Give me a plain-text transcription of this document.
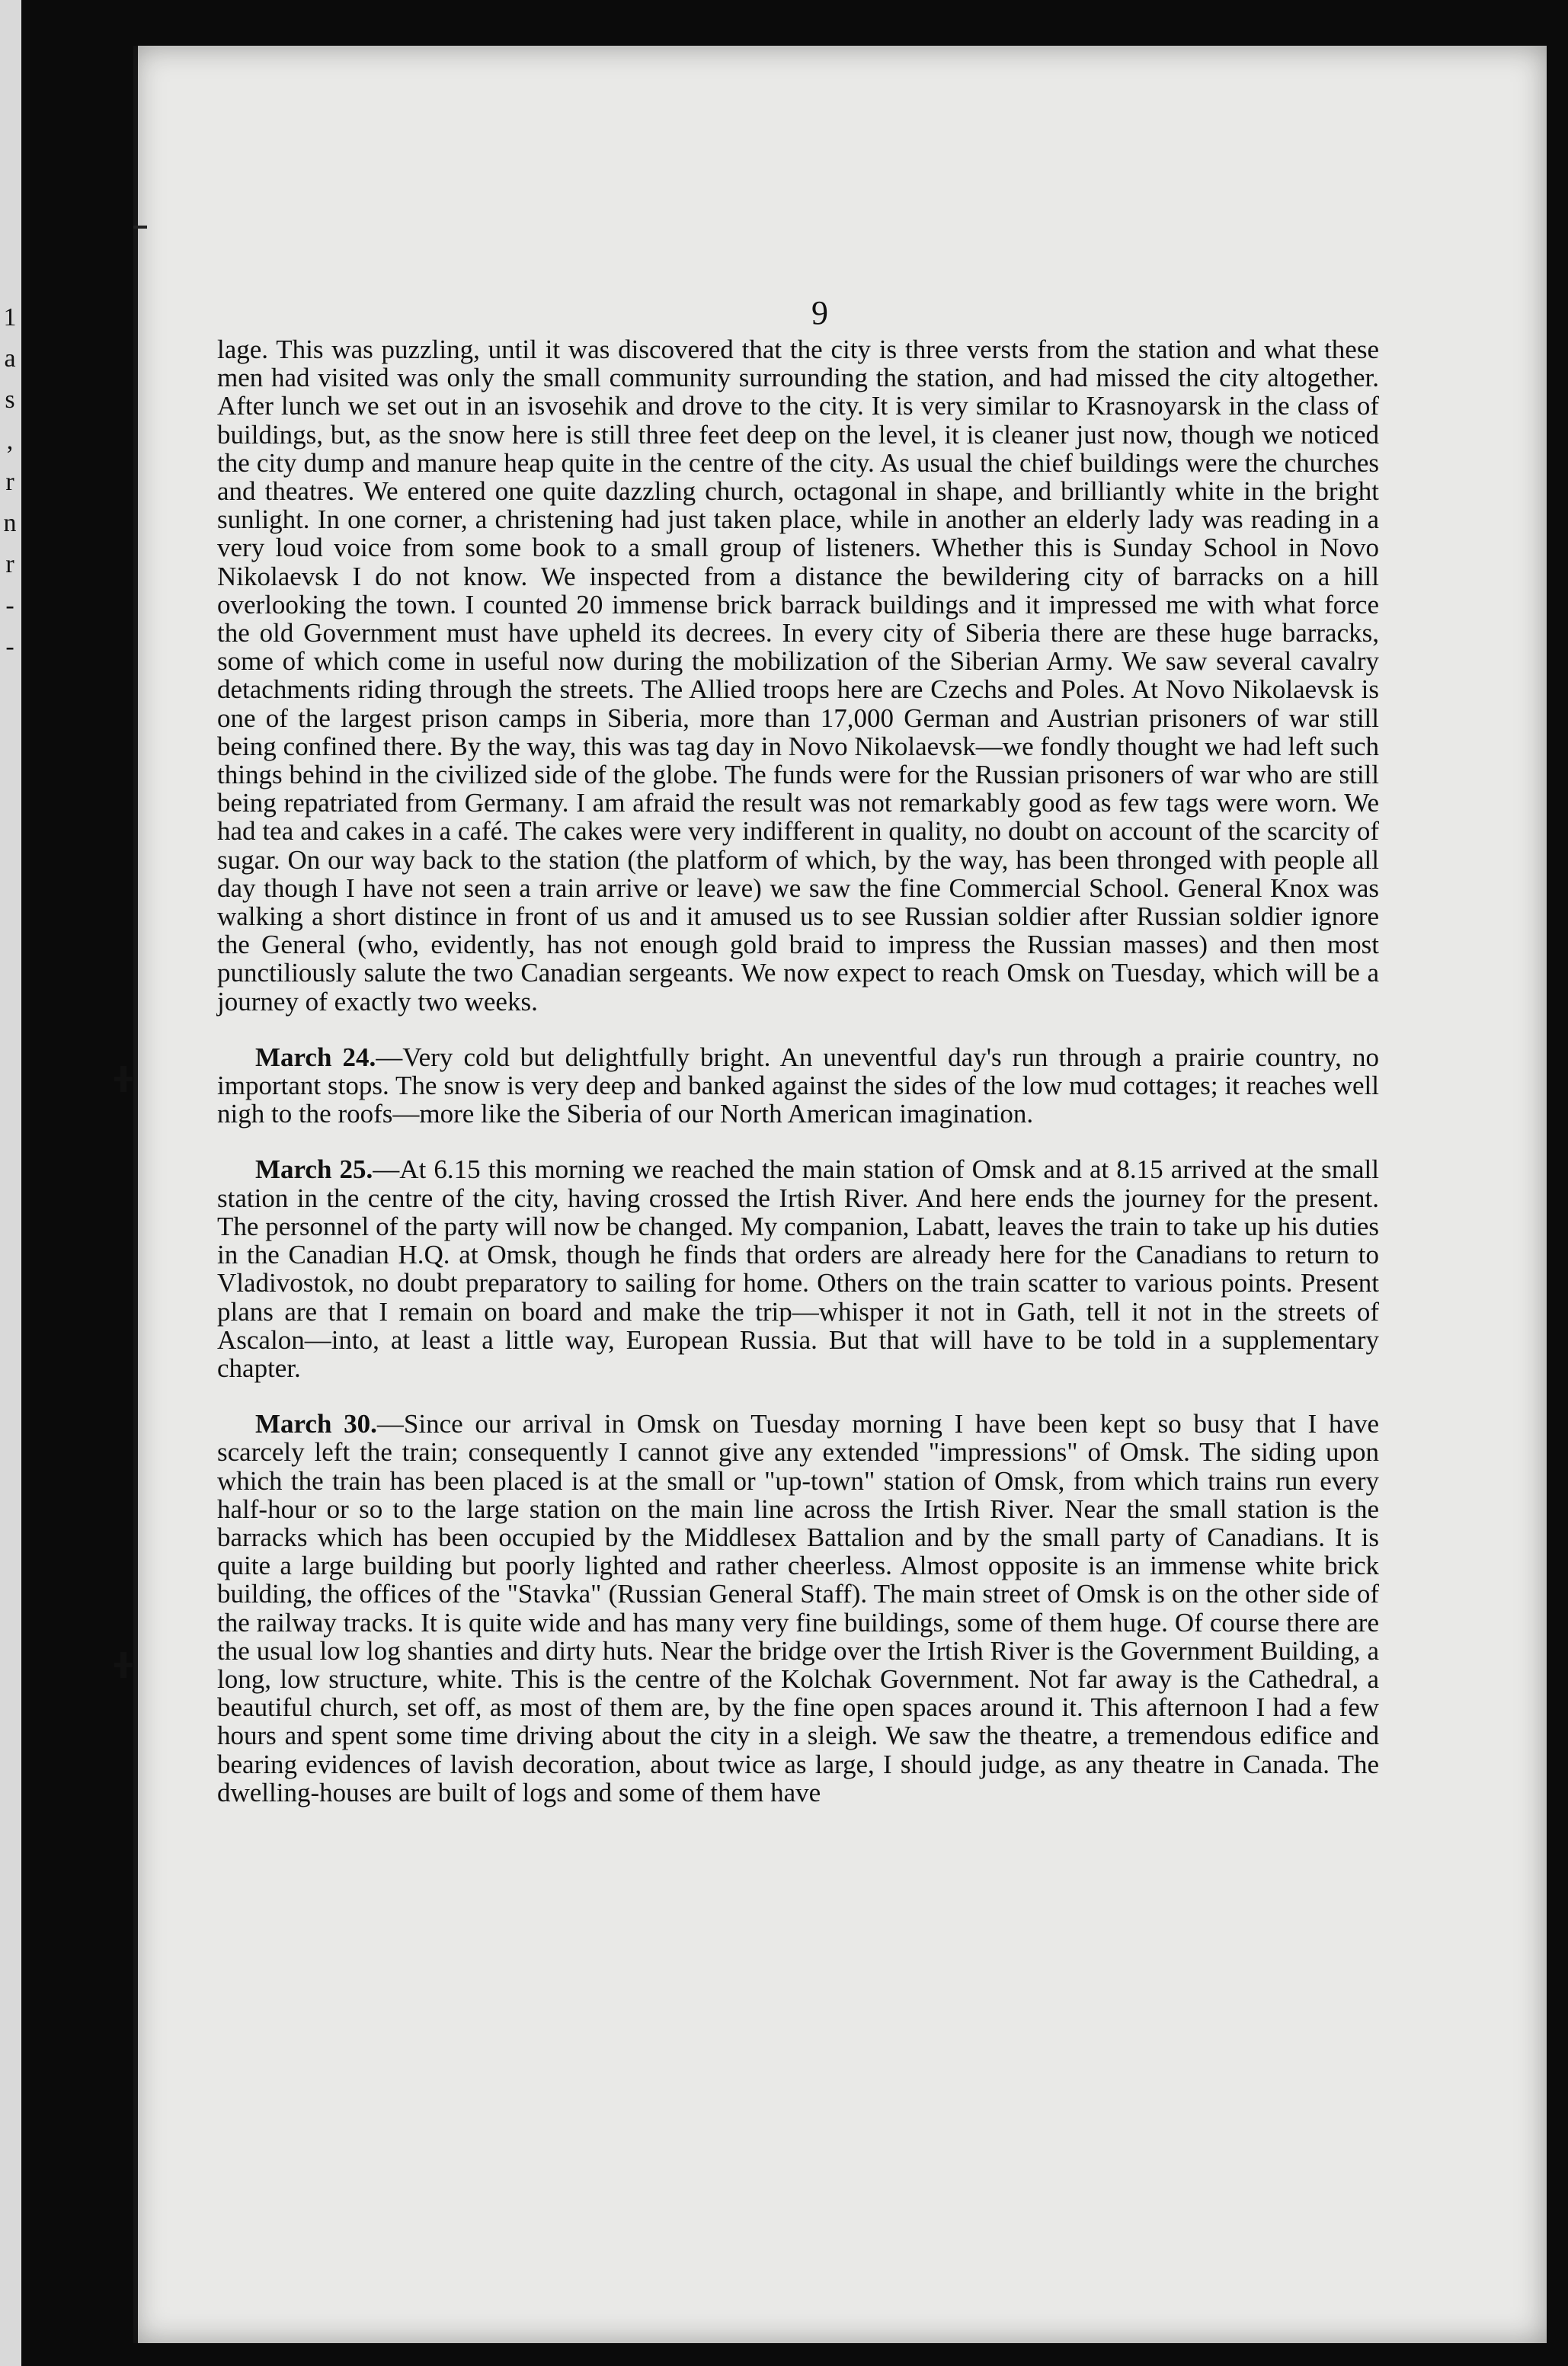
1
a
s
,
r
n
r
-
-
9

lage. This was puzzling, until it was discovered that the city is three versts from the station and what these men had visited was only the small community surrounding the station, and had missed the city altogether. After lunch we set out in an isvosehik and drove to the city. It is very similar to Krasnoyarsk in the class of buildings, but, as the snow here is still three feet deep on the level, it is cleaner just now, though we noticed the city dump and manure heap quite in the centre of the city. As usual the chief buildings were the churches and theatres. We entered one quite dazzling church, octagonal in shape, and brilliantly white in the bright sunlight. In one corner, a christening had just taken place, while in another an elderly lady was reading in a very loud voice from some book to a small group of listeners. Whether this is Sunday School in Novo Nikolaevsk I do not know. We inspected from a distance the bewildering city of barracks on a hill overlooking the town. I counted 20 immense brick barrack buildings and it impressed me with what force the old Government must have upheld its decrees. In every city of Siberia there are these huge barracks, some of which come in useful now during the mobilization of the Siberian Army. We saw several cavalry detachments riding through the streets. The Allied troops here are Czechs and Poles. At Novo Nikolaevsk is one of the largest prison camps in Siberia, more than 17,000 German and Austrian prisoners of war still being confined there. By the way, this was tag day in Novo Nikolaevsk—we fondly thought we had left such things behind in the civilized side of the globe. The funds were for the Russian prisoners of war who are still being repatriated from Germany. I am afraid the result was not remarkably good as few tags were worn. We had tea and cakes in a café. The cakes were very indifferent in quality, no doubt on account of the scarcity of sugar. On our way back to the station (the platform of which, by the way, has been thronged with people all day though I have not seen a train arrive or leave) we saw the fine Commercial School. General Knox was walking a short distince in front of us and it amused us to see Russian soldier after Russian soldier ignore the General (who, evidently, has not enough gold braid to impress the Russian masses) and then most punctiliously salute the two Canadian sergeants. We now expect to reach Omsk on Tuesday, which will be a journey of exactly two weeks.

March 24.—Very cold but delightfully bright. An uneventful day's run through a prairie country, no important stops. The snow is very deep and banked against the sides of the low mud cottages; it reaches well nigh to the roofs—more like the Siberia of our North American imagination.

March 25.—At 6.15 this morning we reached the main station of Omsk and at 8.15 arrived at the small station in the centre of the city, having crossed the Irtish River. And here ends the journey for the present. The personnel of the party will now be changed. My companion, Labatt, leaves the train to take up his duties in the Canadian H.Q. at Omsk, though he finds that orders are already here for the Canadians to return to Vladivostok, no doubt preparatory to sailing for home. Others on the train scatter to various points. Present plans are that I remain on board and make the trip—whisper it not in Gath, tell it not in the streets of Ascalon—into, at least a little way, European Russia. But that will have to be told in a supplementary chapter.

March 30.—Since our arrival in Omsk on Tuesday morning I have been kept so busy that I have scarcely left the train; consequently I cannot give any extended "impressions" of Omsk. The siding upon which the train has been placed is at the small or "up-town" station of Omsk, from which trains run every half-hour or so to the large station on the main line across the Irtish River. Near the small station is the barracks which has been occupied by the Middlesex Battalion and by the small party of Canadians. It is quite a large building but poorly lighted and rather cheerless. Almost opposite is an immense white brick building, the offices of the "Stavka" (Russian General Staff). The main street of Omsk is on the other side of the railway tracks. It is quite wide and has many very fine buildings, some of them huge. Of course there are the usual low log shanties and dirty huts. Near the bridge over the Irtish River is the Government Building, a long, low structure, white. This is the centre of the Kolchak Government. Not far away is the Cathedral, a beautiful church, set off, as most of them are, by the fine open spaces around it. This afternoon I had a few hours and spent some time driving about the city in a sleigh. We saw the theatre, a tremendous edifice and bearing evidences of lavish decoration, about twice as large, I should judge, as any theatre in Canada. The dwelling-houses are built of logs and some of them have
